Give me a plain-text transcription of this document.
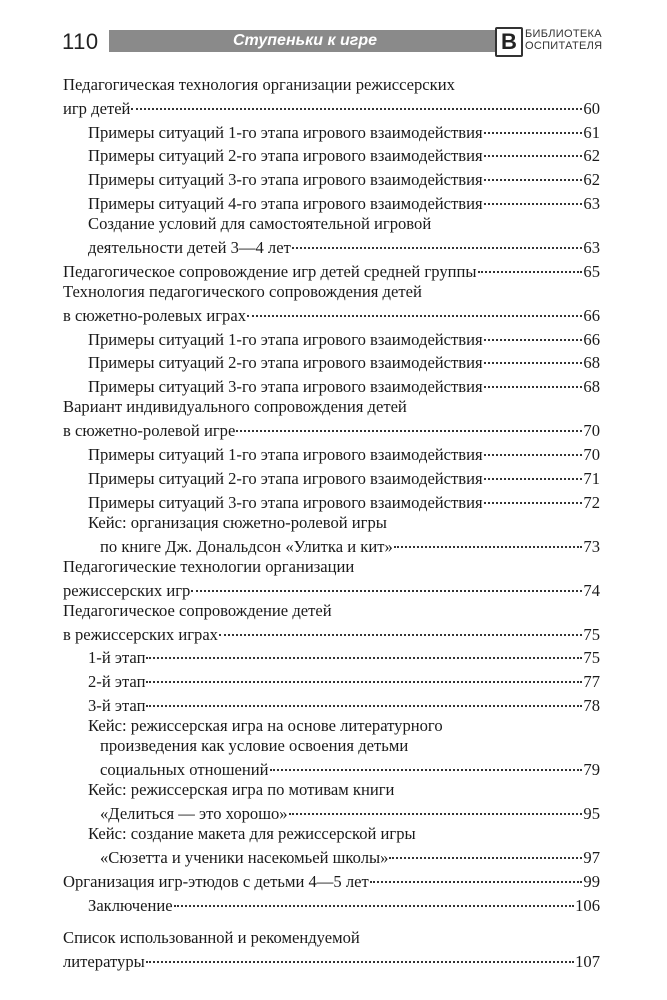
110	Ступеньки к игре	В БИБЛИОТЕКА
ОСПИТАТЕЛЯ
Педагогическая технология организации режиссерских
игр детей	60
Примеры ситуаций 1-го этапа игрового взаимодействия	61
Примеры ситуаций 2-го этапа игрового взаимодействия	62
Примеры ситуаций 3-го этапа игрового взаимодействия	62
Примеры ситуаций 4-го этапа игрового взаимодействия	63
Создание условий для самостоятельной игровой
деятельности детей 3—4 лет	63
Педагогическое сопровождение игр детей средней группы	65
Технология педагогического сопровождения детей
в сюжетно-ролевых играх	66
Примеры ситуаций 1-го этапа игрового взаимодействия	66
Примеры ситуаций 2-го этапа игрового взаимодействия	68
Примеры ситуаций 3-го этапа игрового взаимодействия	68
Вариант индивидуального сопровождения детей
в сюжетно-ролевой игре	70
Примеры ситуаций 1-го этапа игрового взаимодействия	70
Примеры ситуаций 2-го этапа игрового взаимодействия	71
Примеры ситуаций 3-го этапа игрового взаимодействия	72
Кейс: организация сюжетно-ролевой игры
по книге Дж. Дональдсон «Улитка и кит»	73
Педагогические технологии организации
режиссерских игр	74
Педагогическое сопровождение детей
в режиссерских играх	75
1-й этап	75
2-й этап	77
3-й этап	78
Кейс: режиссерская игра на основе литературного
произведения как условие освоения детьми
социальных отношений	79
Кейс: режиссерская игра по мотивам книги
«Делиться — это хорошо»	95
Кейс: создание макета для режиссерской игры
«Сюзетта и ученики насекомьей школы»	97
Организация игр-этюдов с детьми 4—5 лет	99
Заключение	106
Список использованной и рекомендуемой
литературы	107
